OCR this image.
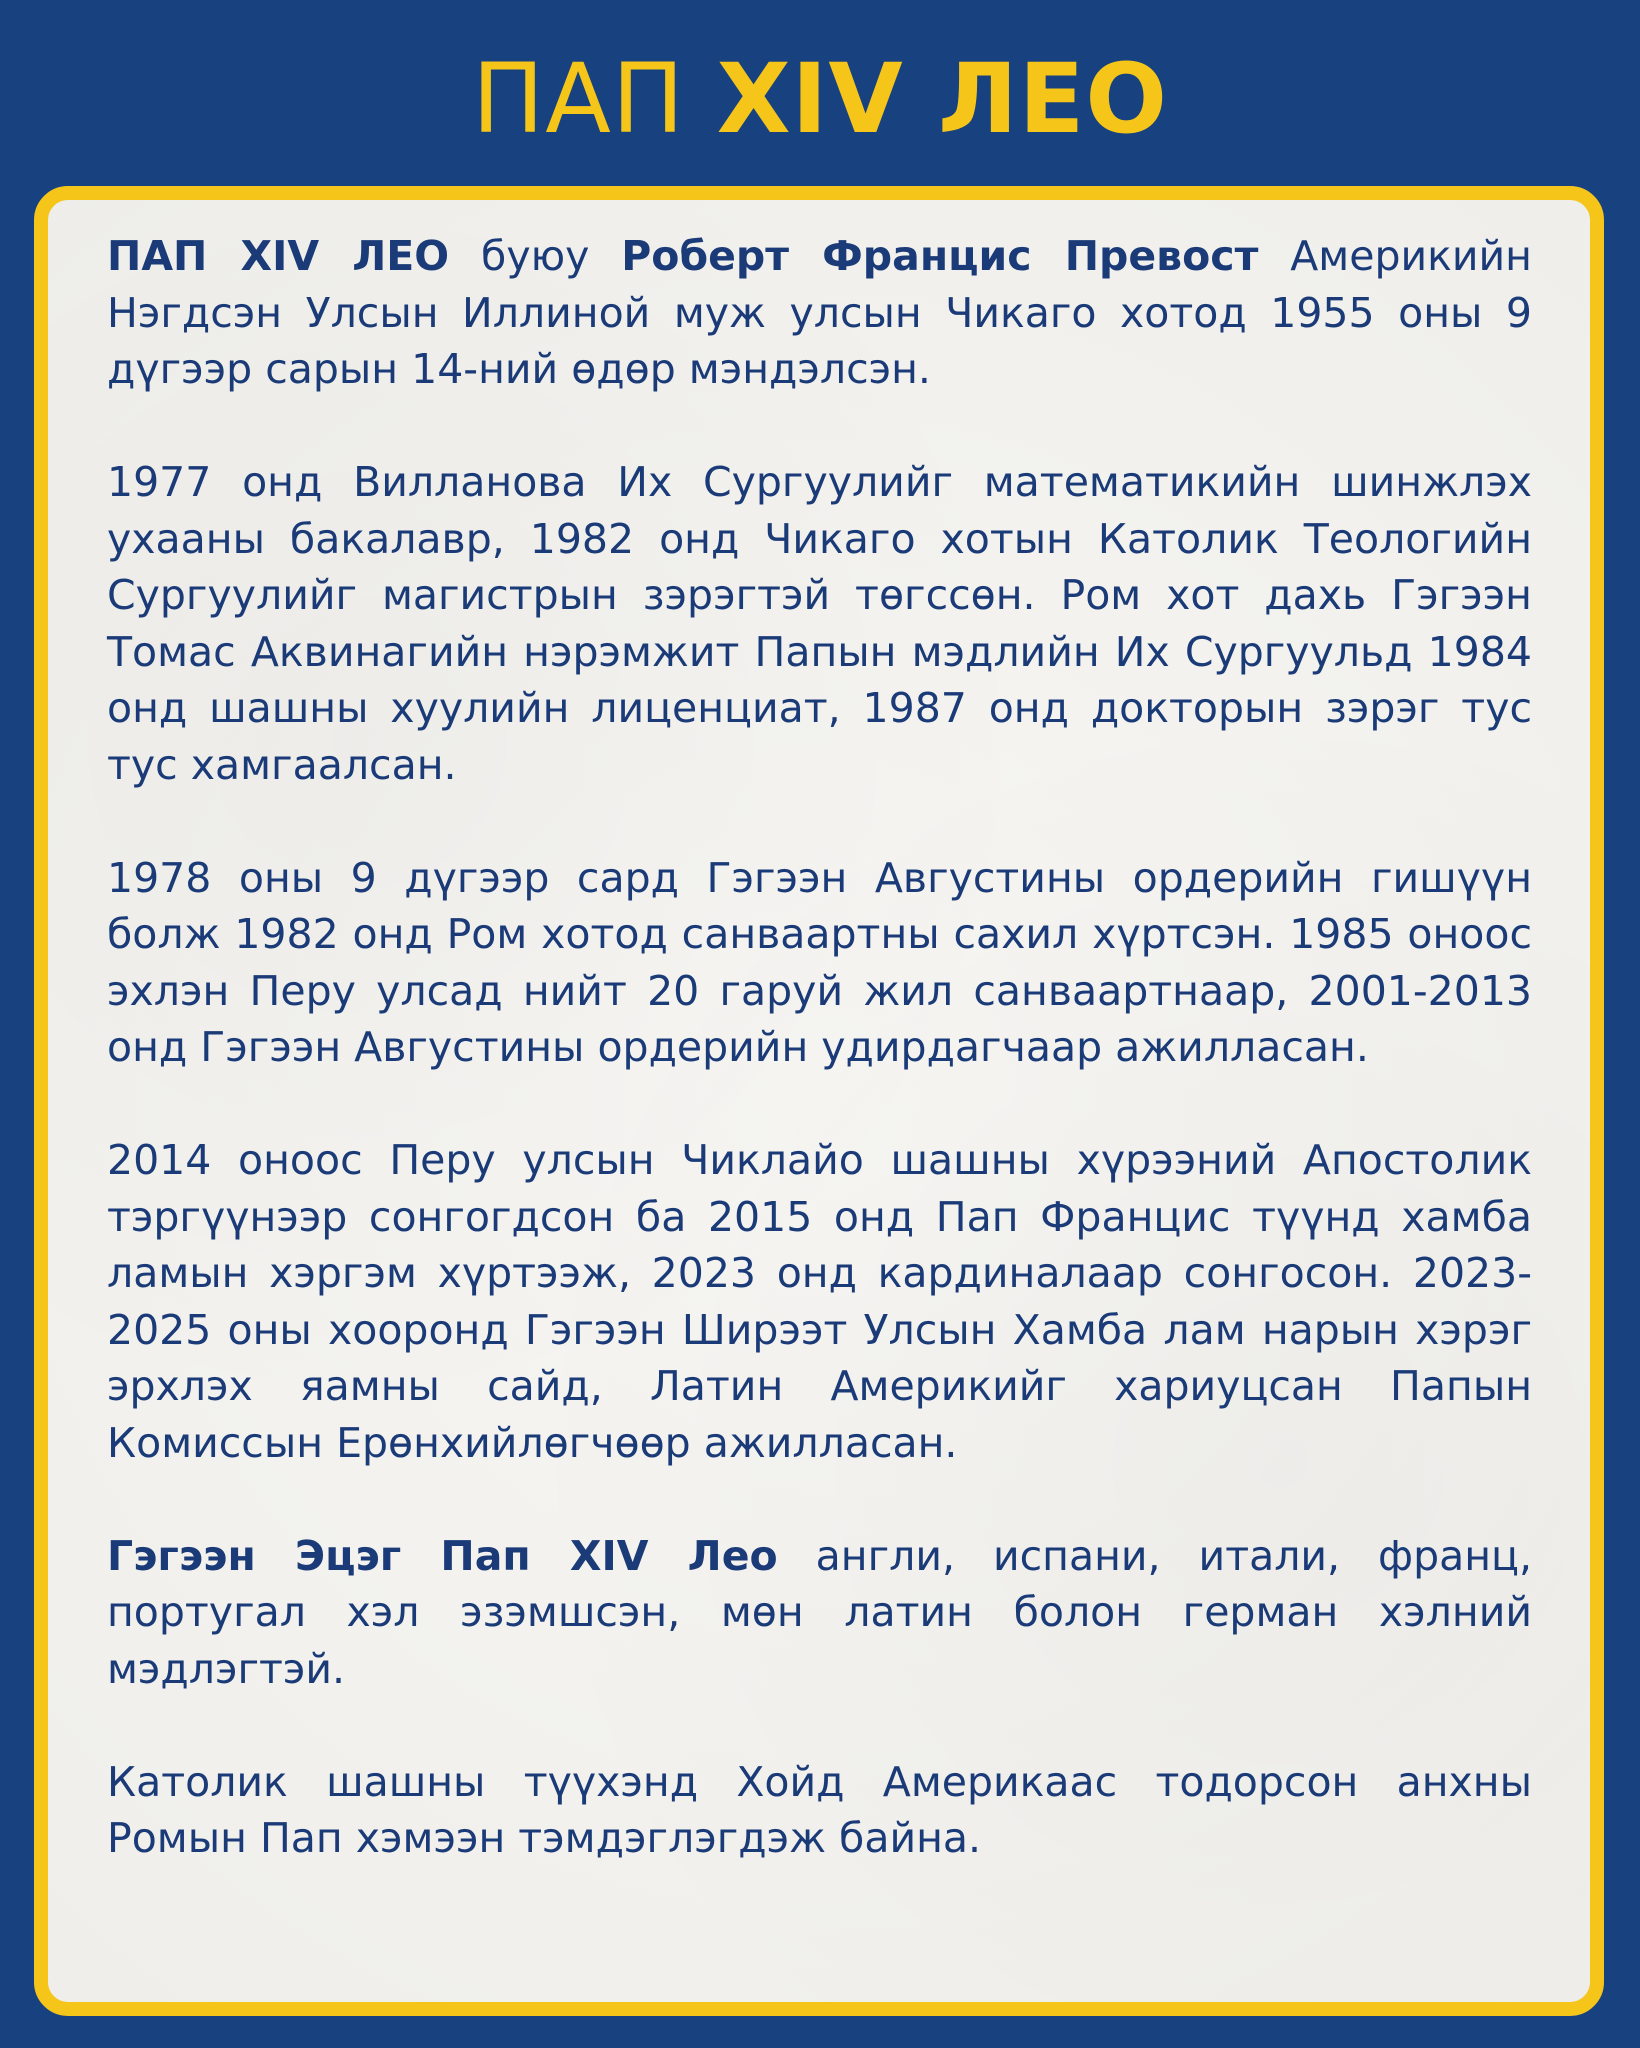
ПАП XIV ЛЕО

ПАП XIV ЛЕО буюу Роберт Францис Превост Америкийн Нэгдсэн Улсын Иллиной муж улсын Чикаго хотод 1955 оны 9 дүгээр сарын 14-ний өдөр мэндэлсэн.

1977 онд Вилланова Их Сургуулийг математикийн шинжлэх ухааны бакалавр, 1982 онд Чикаго хотын Католик Теологийн Сургуулийг магистрын зэрэгтэй төгссөн. Ром хот дахь Гэгээн Томас Аквинагийн нэрэмжит Папын мэдлийн Их Сургуульд 1984 онд шашны хуулийн лиценциат, 1987 онд докторын зэрэг тус тус хамгаалсан.

1978 оны 9 дүгээр сард Гэгээн Августины ордерийн гишүүн болж 1982 онд Ром хотод санваартны сахил хүртсэн. 1985 оноос эхлэн Перу улсад нийт 20 гаруй жил санваартнаар, 2001-2013 онд Гэгээн Августины ордерийн удирдагчаар ажилласан.

2014 оноос Перу улсын Чиклайо шашны хүрээний Апостолик тэргүүнээр сонгогдсон ба 2015 онд Пап Францис түүнд хамба ламын хэргэм хүртээж, 2023 онд кардиналаар сонгосон. 2023-2025 оны хооронд Гэгээн Ширээт Улсын Хамба лам нарын хэрэг эрхлэх яамны сайд, Латин Америкийг хариуцсан Папын Комиссын Ерөнхийлөгчөөр ажилласан.

Гэгээн Эцэг Пап XIV Лео англи, испани, итали, франц, португал хэл эзэмшсэн, мөн латин болон герман хэлний мэдлэгтэй.

Католик шашны түүхэнд Хойд Америкаас тодорсон анхны Ромын Пап хэмээн тэмдэглэгдэж байна.
